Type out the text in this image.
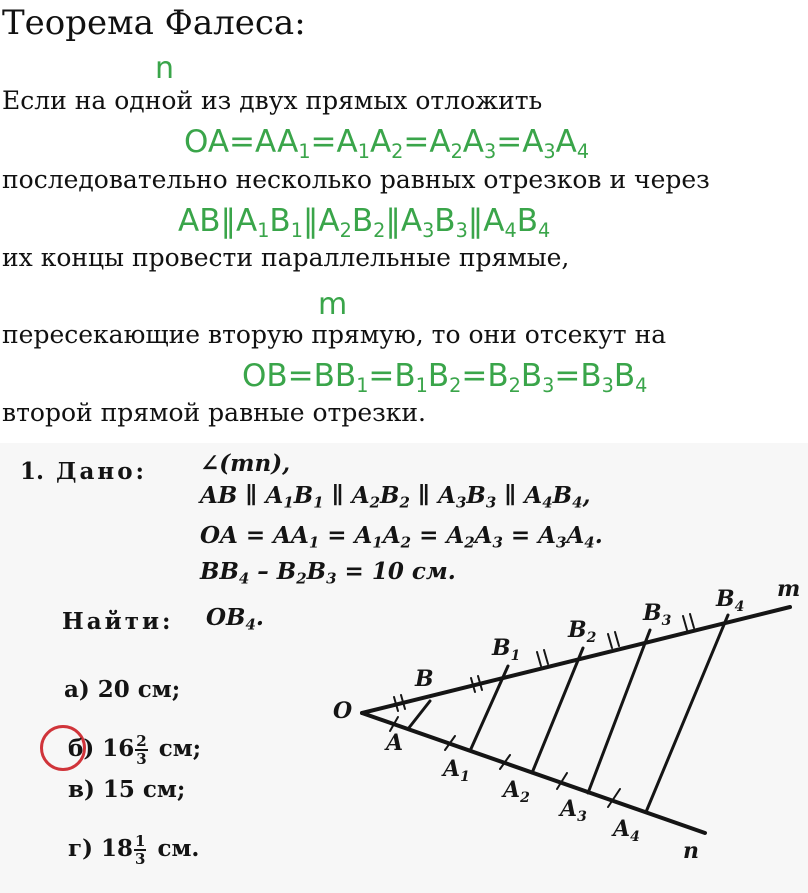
Теорема Фалеса:
n
Если на одной из двух прямых отложить
$OA=AA_1=A_1A_2=A_2A_3=A_3A_4$
последовательно несколько равных отрезков и через
$AB‖A_1B_1‖A_2B_2‖A_3B_3‖A_4B_4$
их концы провести параллельные прямые,
m
пересекающие вторую прямую, то они отсекут на
$OB=BB_1=B_1B_2=B_2B_3=B_3B_4$
второй прямой равные отрезки.
1. Дано: ∠(mn),
AB ∥ $A_1B_1$ ∥ $A_2B_2$ ∥ $A_3B_3$ ∥ $A_4B_4$,
OA = $AA_1 = A_1A_2 = A_2A_3 = A_3A_4$.
$BB_4 - B_2B_3 = 10$ см.
Найти: $OB_4$.
а) 20 см;
б) $16 \frac{2}{3}$ см;
в) 15 см;
г) $18 \frac{1}{3}$ см.
O
m
n
B
$B_1$
$B_2$
$B_3$
$B_4$
A
$A_1$ $A_2$ $A_3$ $A_4$
